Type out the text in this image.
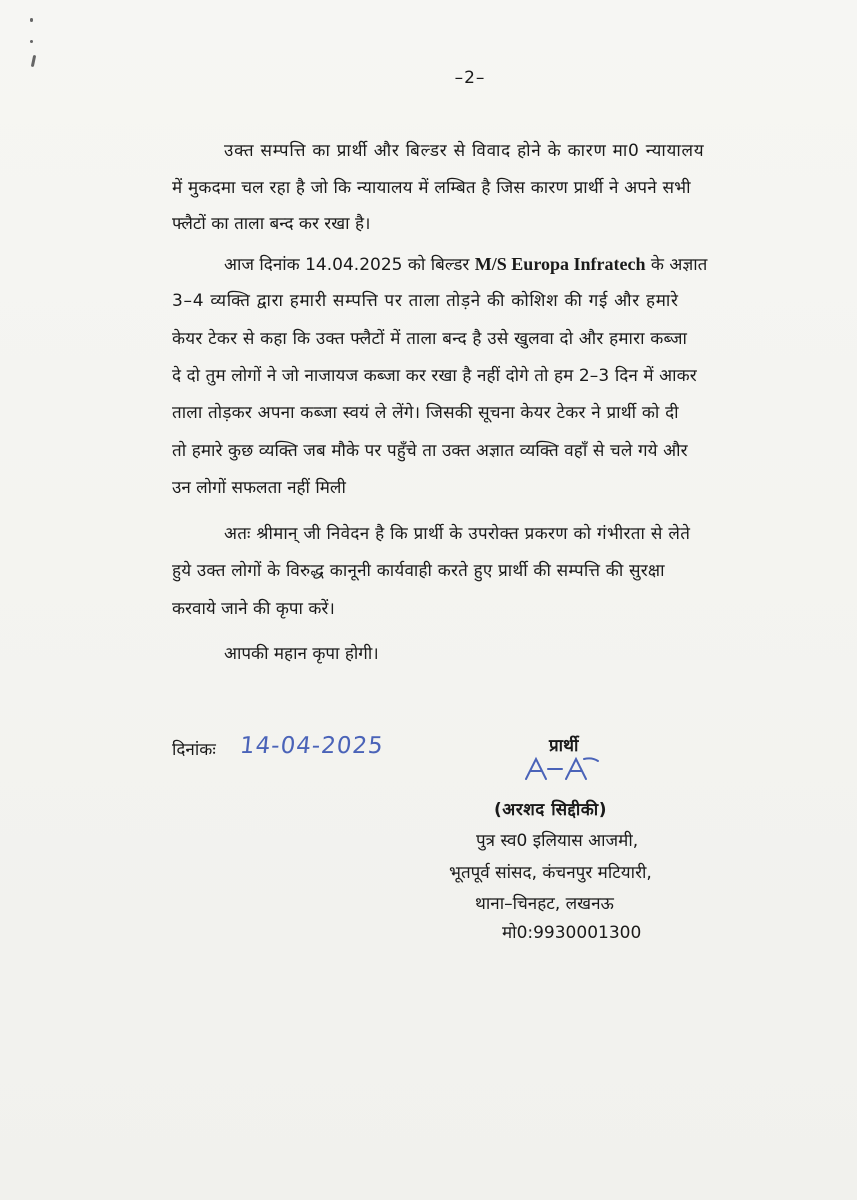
–2–
उक्त सम्पत्ति का प्रार्थी और बिल्डर से विवाद होने के कारण मा0 न्यायालय
में मुकदमा चल रहा है जो कि न्यायालय में लम्बित है जिस कारण प्रार्थी ने अपने सभी
फ्लैटों का ताला बन्द कर रखा है।
आज दिनांक 14.04.2025 को बिल्डर M/S Europa Infratech के अज्ञात
3–4 व्यक्ति द्वारा हमारी सम्पत्ति पर ताला तोड़ने की कोशिश की गई और हमारे
केयर टेकर से कहा कि उक्त फ्लैटों में ताला बन्द है उसे खुलवा दो और हमारा कब्जा
दे दो तुम लोगों ने जो नाजायज कब्जा कर रखा है नहीं दोगे तो हम 2–3 दिन में आकर
ताला तोड़कर अपना कब्जा स्वयं ले लेंगे। जिसकी सूचना केयर टेकर ने प्रार्थी को दी
तो हमारे कुछ व्यक्ति जब मौके पर पहुँचे ता उक्त अज्ञात व्यक्ति वहाँ से चले गये और
उन लोगों सफलता नहीं मिली
अतः श्रीमान् जी निवेदन है कि प्रार्थी के उपरोक्त प्रकरण को गंभीरता से लेते
हुये उक्त लोगों के विरुद्ध कानूनी कार्यवाही करते हुए प्रार्थी की सम्पत्ति की सुरक्षा
करवाये जाने की कृपा करें।
आपकी महान कृपा होगी।
दिनांकः 14-04-2025	प्रार्थी
(अरशद सिद्दीकी)
पुत्र स्व0 इलियास आजमी,
भूतपूर्व सांसद, कंचनपुर मटियारी,
थाना–चिनहट, लखनऊ
मो0:9930001300
